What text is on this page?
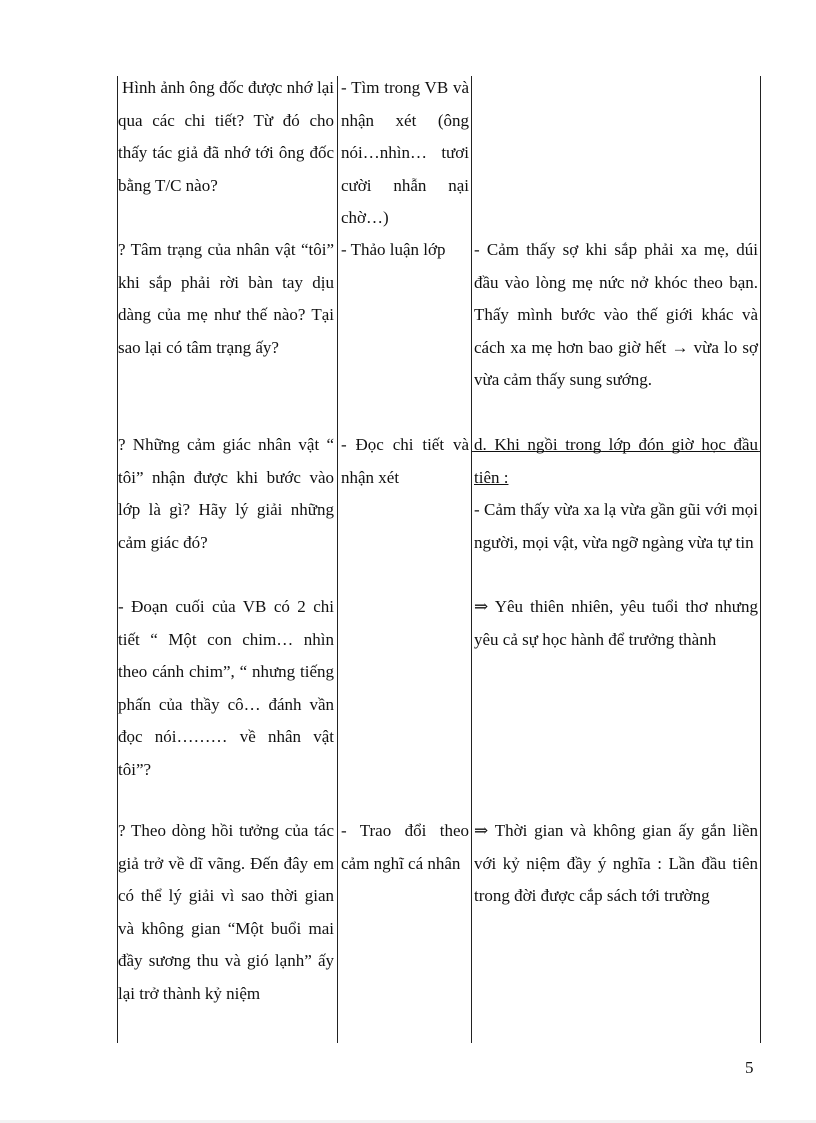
Hình ảnh ông đốc được nhớ lại qua các chi tiết? Từ đó cho thấy tác giả đã nhớ tới ông đốc bằng T/C nào?
- Tìm trong VB và nhận xét (ông nói…nhìn… tươi cười nhẫn nại chờ…)
? Tâm trạng của nhân vật “tôi” khi sắp phải rời bàn tay dịu dàng của mẹ như thế nào? Tại sao lại có tâm trạng ấy?
- Thảo luận lớp	- Cảm thấy sợ khi sắp phải xa mẹ, dúi đầu vào lòng mẹ nức nở khóc theo bạn. Thấy mình bước vào thế giới khác và cách xa mẹ hơn bao giờ hết → vừa lo sợ vừa cảm thấy sung sướng.
? Những cảm giác nhân vật “ tôi” nhận được khi bước vào lớp là gì? Hãy lý giải những cảm giác đó?
- Đọc chi tiết và nhận xét
d. Khi ngồi trong lớp đón giờ học đầu tiên :
- Cảm thấy vừa xa lạ vừa gần gũi với mọi người, mọi vật, vừa ngỡ ngàng vừa tự tin
- Đoạn cuối của VB có 2 chi tiết “ Một con chim… nhìn theo cánh chim”, “ nhưng tiếng phấn của thầy cô… đánh vần đọc nói……… về nhân vật tôi”?
⇒ Yêu thiên nhiên, yêu tuổi thơ nhưng yêu cả sự học hành để trưởng thành
? Theo dòng hồi tưởng của tác giả trở về dĩ vãng. Đến đây em có thể lý giải vì sao thời gian và không gian “Một buổi mai đầy sương thu và gió lạnh” ấy lại trở thành kỷ niệm
- Trao đổi theo cảm nghĩ cá nhân
⇒ Thời gian và không gian ấy gắn liền với kỷ niệm đầy ý nghĩa : Lần đầu tiên trong đời được cắp sách tới trường
5
